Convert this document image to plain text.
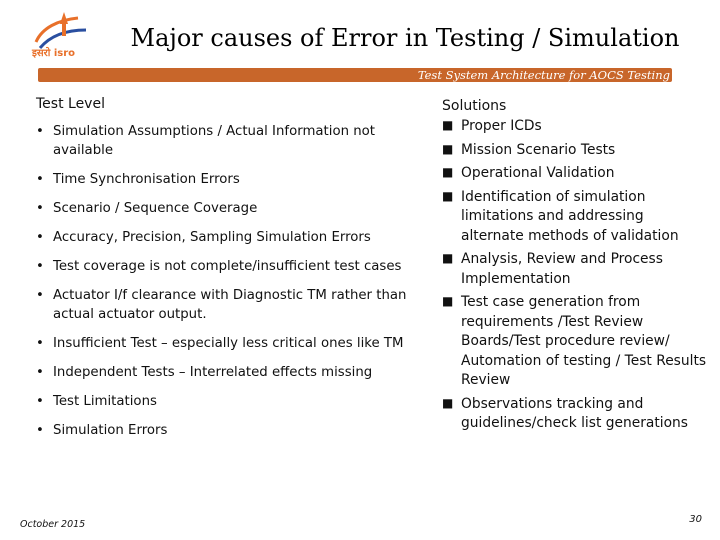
इसरो isro
Major causes of Error in Testing / Simulation
Test System Architecture for AOCS Testing
Test Level
• Simulation Assumptions / Actual Information not available
• Time Synchronisation Errors
• Scenario / Sequence Coverage
• Accuracy, Precision, Sampling Simulation Errors
• Test coverage is not complete/insufficient test cases
• Actuator I/f clearance with Diagnostic TM rather than actual actuator output.
• Insufficient Test – especially less critical ones like TM
• Independent Tests – Interrelated effects missing
• Test Limitations
• Simulation Errors
Solutions
■ Proper ICDs
■ Mission Scenario Tests
■ Operational Validation
■ Identification of simulation limitations and addressing alternate methods of validation
■ Analysis, Review and Process Implementation
■ Test case generation from requirements /Test Review Boards/Test procedure review/ Automation of testing / Test Results Review
■ Observations tracking and guidelines/check list generations
October 2015	30
